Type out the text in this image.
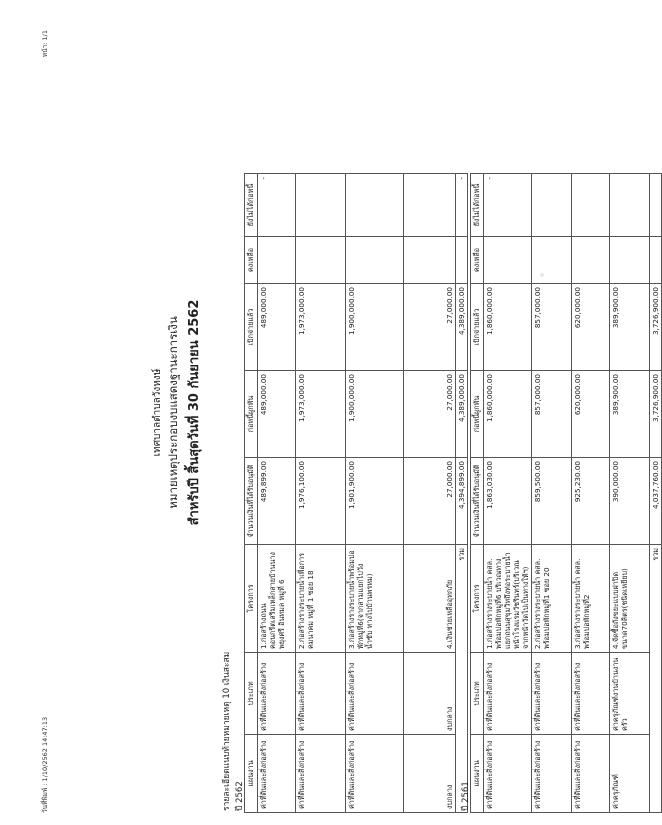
วันที่พิมพ์ : 1/10/2562 14:47:13
หน้า: 1/1
เทศบาลตำบลวังหงษ์ หมายเหตุประกอบงบแสดงฐานะการเงิน สำหรับปี สิ้นสุดวันที่ 30 กันยายน 2562
รายละเอียดแนบท้ายหมายเหตุ 10 เงินสะสม ปี 2562
แผนงาน	ประเภท	โครงการ	จำนวนเงินที่ได้รับอนุมัติ	ก่อหนี้ผูกพัน	เบิกจ่ายแล้ว	คงเหลือ	ยังไม่ได้ก่อหนี้
ค่าที่ดินและสิ่งก่อสร้าง	ค่าที่ดินและสิ่งก่อสร้าง	1.ก่อสร้างถนนคอนกรีตเสริมเหล็กสายบ้านนางพยุงศรี อินทมล หมู่ที่ 6	489,899.00	489,000.00	489,000.00		-
ค่าที่ดินและสิ่งก่อสร้าง	ค่าที่ดินและสิ่งก่อสร้าง	2.ก่อสร้างรางระบายน้ำเพื่อการคมนาคม หมู่ที่ 1 ซอย 18	1,976,100.00	1,973,000.00	1,973,000.00		
ค่าที่ดินและสิ่งก่อสร้าง	ค่าที่ดินและสิ่งก่อสร้าง	3.ก่อสร้างรางระบายน้ำพร้อมบ่อพักหมู่ที่6(จากสามแยกไปวังน้ำซับ ทางไปบ้านพรหม)	1,901,900.00	1,900,000.00	1,900,000.00		
งบกลาง	งบกลาง	4.เงินช่วยเหลืออุทกภัย	27,000.00	27,000.00	27,000.00		
รวม			4,394,899.00	4,389,000.00	4,389,000.00		-
ปี 2561
แผนงาน	ประเภท	โครงการ	จำนวนเงินที่ได้รับอนุมัติ	ก่อหนี้ผูกพัน	เบิกจ่ายแล้ว	คงเหลือ	ยังไม่ได้ก่อหนี้
ค่าที่ดินและสิ่งก่อสร้าง	ค่าที่ดินและสิ่งก่อสร้าง	1.ก่อสร้างรางระบายน้ำ คสล. พร้อมบ่อพักหมู่ที่6 บริเวณทางแยกถนนสุขุมวิทถึงท่อระบายน้ำหน้าโรงแรมวัชรินทร์(บริเวณจากหน้าวัดไปเป็นทางให้ฯ)	1,863,030.00	1,860,000.00	1,860,000.00		-
ค่าที่ดินและสิ่งก่อสร้าง	ค่าที่ดินและสิ่งก่อสร้าง	2.ก่อสร้างรางระบายน้ำ คสล. พร้อมบ่อพักหมู่ที่1 ซอย 20	859,500.00	857,000.00	857,000.00		
ค่าที่ดินและสิ่งก่อสร้าง	ค่าที่ดินและสิ่งก่อสร้าง	3.ก่อสร้างรางระบายน้ำ คสล. พร้อมบ่อพักหมู่ที่2	925,230.00	620,000.00	620,000.00		
ค่าครุภัณฑ์	ค่าครุภัณฑ์งานบ้านงานครัว	4.จัดซื้อถังขยะแบบฝาปิด ขนาด70ลิตร(ชนิดเหยียบ)	390,000.00	389,900.00	389,900.00		
รวม			4,037,760.00	3,726,900.00	3,726,900.00		
